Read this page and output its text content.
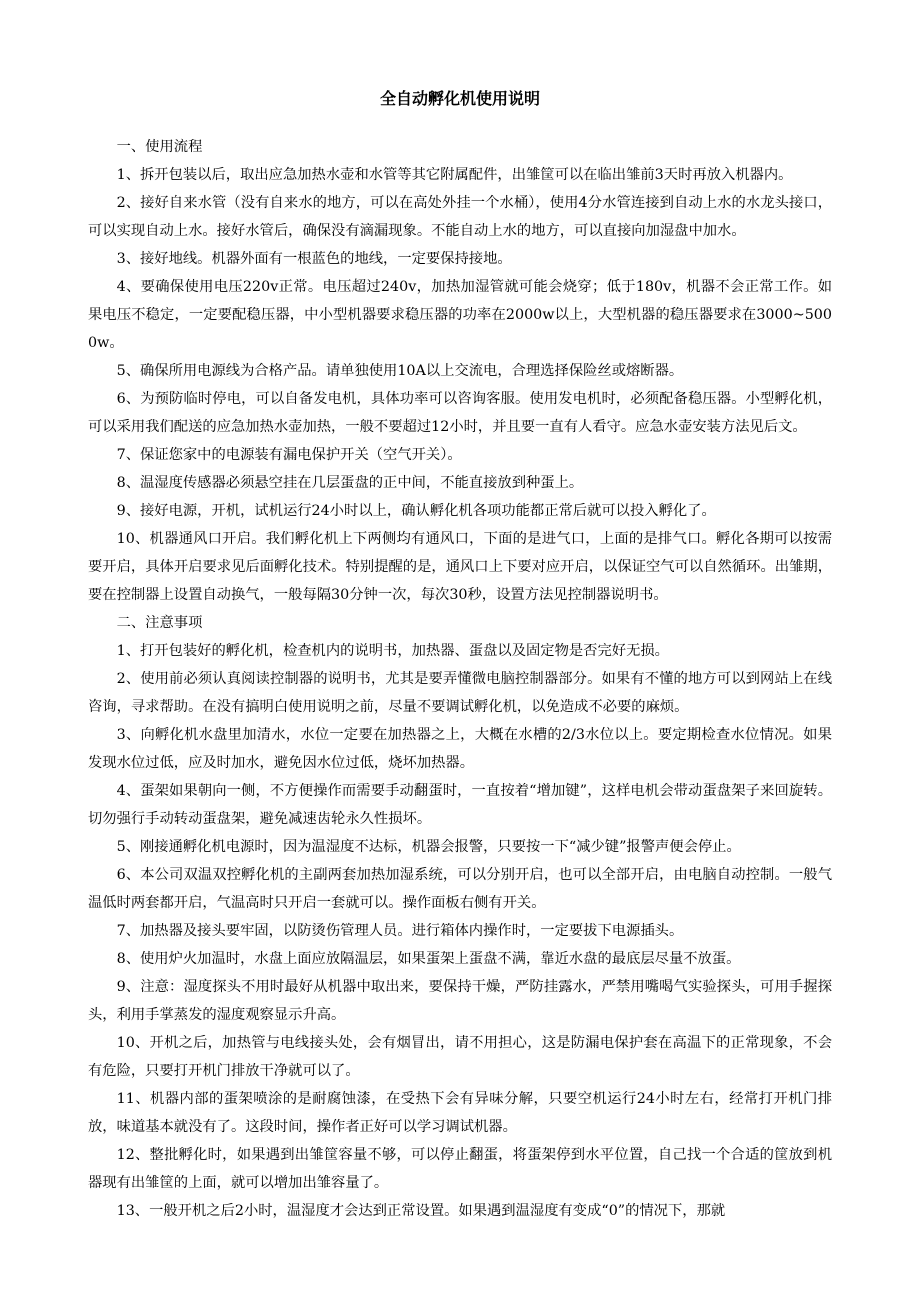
全自动孵化机使用说明

一、使用流程

1、拆开包装以后，取出应急加热水壶和水管等其它附属配件，出雏筐可以在临出雏前3天时再放入机器内。

2、接好自来水管（没有自来水的地方，可以在高处外挂一个水桶），使用4分水管连接到自动上水的水龙头接口，可以实现自动上水。接好水管后，确保没有滴漏现象。不能自动上水的地方，可以直接向加湿盘中加水。

3、接好地线。机器外面有一根蓝色的地线，一定要保持接地。

4、要确保使用电压220v正常。电压超过240v，加热加湿管就可能会烧穿；低于180v，机器不会正常工作。如果电压不稳定，一定要配稳压器，中小型机器要求稳压器的功率在2000w以上，大型机器的稳压器要求在3000~5000w。

5、确保所用电源线为合格产品。请单独使用10A以上交流电，合理选择保险丝或熔断器。

6、为预防临时停电，可以自备发电机，具体功率可以咨询客服。使用发电机时，必须配备稳压器。小型孵化机，可以采用我们配送的应急加热水壶加热，一般不要超过12小时，并且要一直有人看守。应急水壶安装方法见后文。

7、保证您家中的电源装有漏电保护开关（空气开关）。

8、温湿度传感器必须悬空挂在几层蛋盘的正中间，不能直接放到种蛋上。

9、接好电源，开机，试机运行24小时以上，确认孵化机各项功能都正常后就可以投入孵化了。

10、机器通风口开启。我们孵化机上下两侧均有通风口，下面的是进气口，上面的是排气口。孵化各期可以按需要开启，具体开启要求见后面孵化技术。特别提醒的是，通风口上下要对应开启，以保证空气可以自然循环。出雏期，要在控制器上设置自动换气，一般每隔30分钟一次，每次30秒，设置方法见控制器说明书。

二、注意事项

1、打开包装好的孵化机，检查机内的说明书，加热器、蛋盘以及固定物是否完好无损。

2、使用前必须认真阅读控制器的说明书，尤其是要弄懂微电脑控制器部分。如果有不懂的地方可以到网站上在线咨询，寻求帮助。在没有搞明白使用说明之前，尽量不要调试孵化机，以免造成不必要的麻烦。

3、向孵化机水盘里加清水，水位一定要在加热器之上，大概在水槽的2/3水位以上。要定期检查水位情况。如果发现水位过低，应及时加水，避免因水位过低，烧坏加热器。

4、蛋架如果朝向一侧，不方便操作而需要手动翻蛋时，一直按着“增加键”，这样电机会带动蛋盘架子来回旋转。切勿强行手动转动蛋盘架，避免减速齿轮永久性损坏。

5、刚接通孵化机电源时，因为温湿度不达标，机器会报警，只要按一下“减少键”报警声便会停止。

6、本公司双温双控孵化机的主副两套加热加湿系统，可以分别开启，也可以全部开启，由电脑自动控制。一般气温低时两套都开启，气温高时只开启一套就可以。操作面板右侧有开关。

7、加热器及接头要牢固，以防烫伤管理人员。进行箱体内操作时，一定要拔下电源插头。

8、使用炉火加温时，水盘上面应放隔温层，如果蛋架上蛋盘不满，靠近水盘的最底层尽量不放蛋。

9、注意：湿度探头不用时最好从机器中取出来，要保持干燥，严防挂露水，严禁用嘴喝气实验探头，可用手握探头，利用手掌蒸发的湿度观察显示升高。

10、开机之后，加热管与电线接头处，会有烟冒出，请不用担心，这是防漏电保护套在高温下的正常现象，不会有危险，只要打开机门排放干净就可以了。

11、机器内部的蛋架喷涂的是耐腐蚀漆，在受热下会有异味分解，只要空机运行24小时左右，经常打开机门排放，味道基本就没有了。这段时间，操作者正好可以学习调试机器。

12、整批孵化时，如果遇到出雏筐容量不够，可以停止翻蛋，将蛋架停到水平位置，自己找一个合适的筐放到机器现有出雏筐的上面，就可以增加出雏容量了。

13、一般开机之后2小时，温湿度才会达到正常设置。如果遇到温湿度有变成“0”的情况下，那就
